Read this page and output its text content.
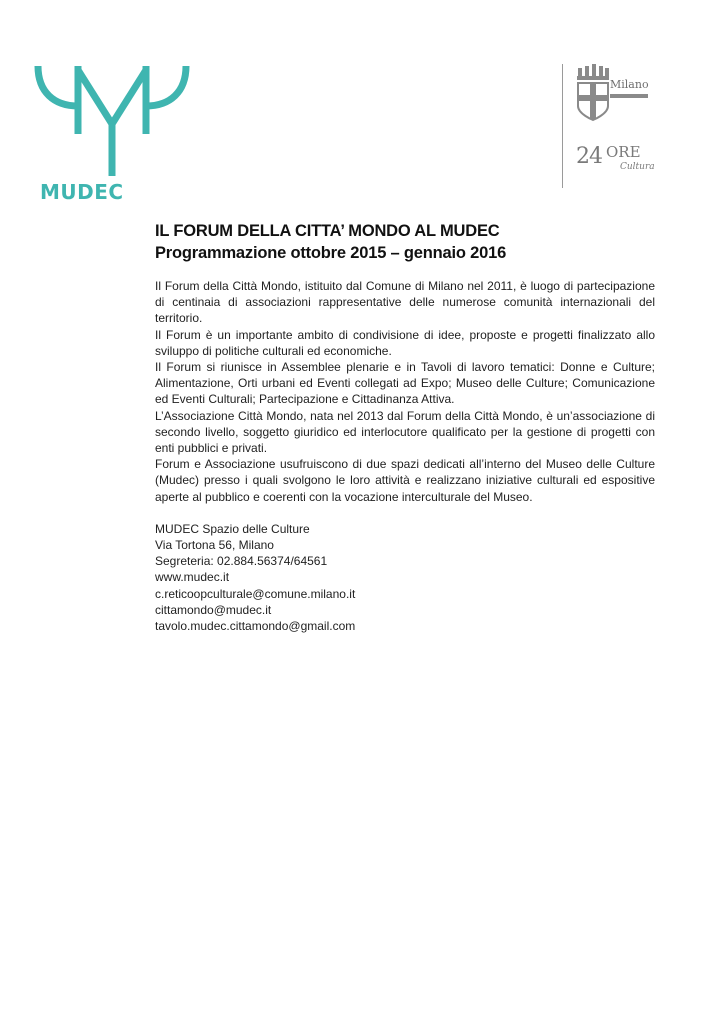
MUDEC
Milano
24 ORE
Cultura
IL FORUM DELLA CITTA’ MONDO AL MUDEC
Programmazione ottobre 2015 – gennaio 2016

Il Forum della Città Mondo, istituito dal Comune di Milano nel 2011, è luogo di partecipazione di centinaia di associazioni rappresentative delle numerose comunità internazionali del territorio.

Il Forum è un importante ambito di condivisione di idee, proposte e progetti finalizzato allo sviluppo di politiche culturali ed economiche.

Il Forum si riunisce in Assemblee plenarie e in Tavoli di lavoro tematici: Donne e Culture; Alimentazione, Orti urbani ed Eventi collegati ad Expo; Museo delle Culture; Comunicazione ed Eventi Culturali; Partecipazione e Cittadinanza Attiva.

L’Associazione Città Mondo, nata nel 2013 dal Forum della Città Mondo, è un’associazione di secondo livello, soggetto giuridico ed interlocutore qualificato per la gestione di progetti con enti pubblici e privati.

Forum e Associazione usufruiscono di due spazi dedicati all’interno del Museo delle Culture (Mudec) presso i quali svolgono le loro attività e realizzano iniziative culturali ed espositive aperte al pubblico e coerenti con la vocazione interculturale del Museo.

MUDEC Spazio delle Culture

Via Tortona 56, Milano

Segreteria: 02.884.56374/64561

www.mudec.it

c.reticoopculturale@comune.milano.it

cittamondo@mudec.it

tavolo.mudec.cittamondo@gmail.com
